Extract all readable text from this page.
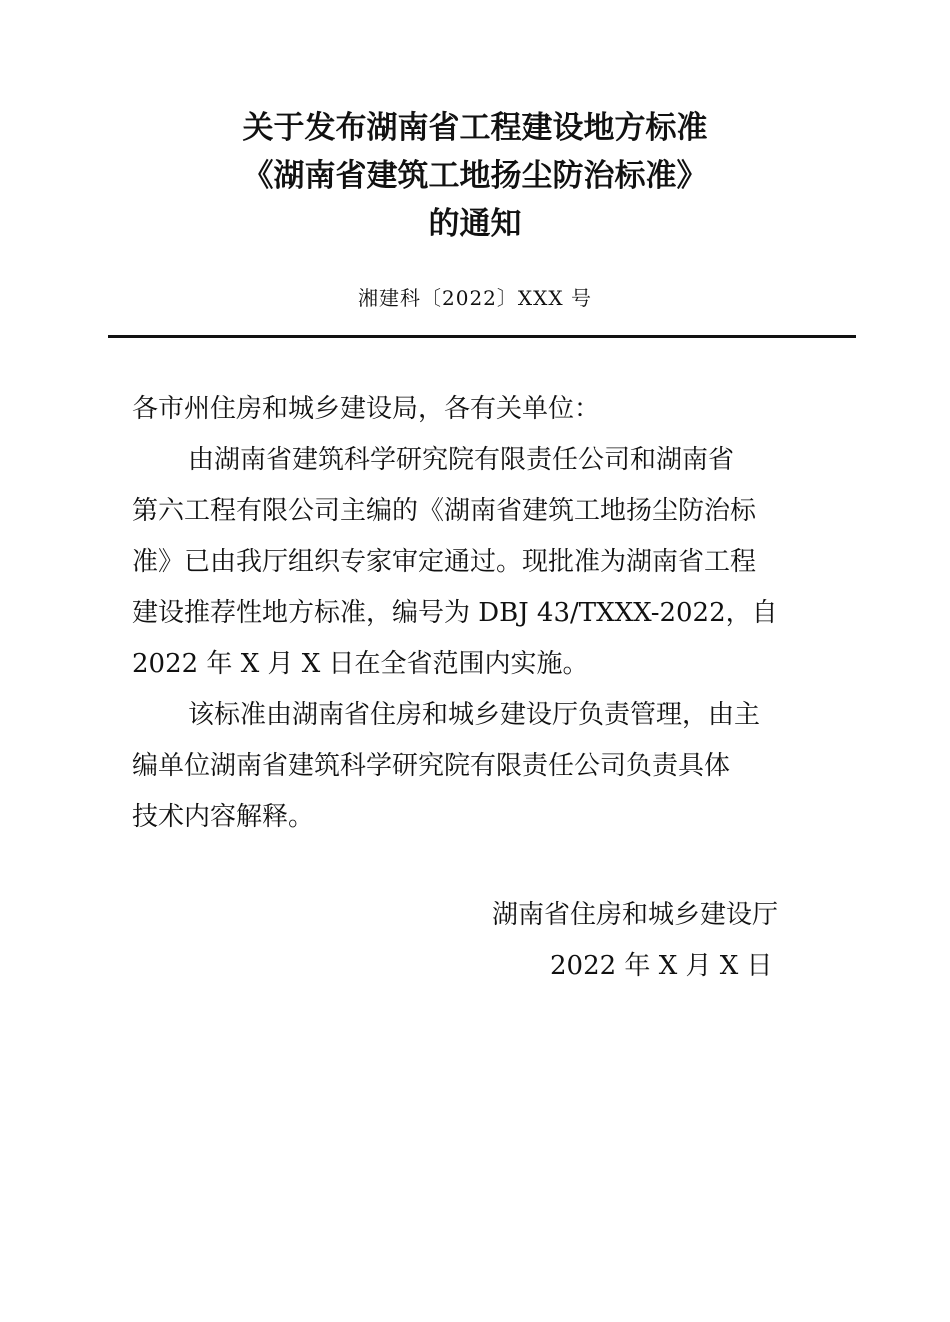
关于发布湖南省工程建设地方标准
《湖南省建筑工地扬尘防治标准》
的通知
湘建科〔2022〕XXX 号
各市州住房和城乡建设局，各有关单位：
由湖南省建筑科学研究院有限责任公司和湖南省
第六工程有限公司主编的《湖南省建筑工地扬尘防治标
准》已由我厅组织专家审定通过。现批准为湖南省工程
建设推荐性地方标准，编号为 DBJ 43/TXXX-2022，自
2022 年 X 月 X 日在全省范围内实施。
该标准由湖南省住房和城乡建设厅负责管理，由主
编单位湖南省建筑科学研究院有限责任公司负责具体
技术内容解释。
湖南省住房和城乡建设厅
2022 年 X 月 X 日
